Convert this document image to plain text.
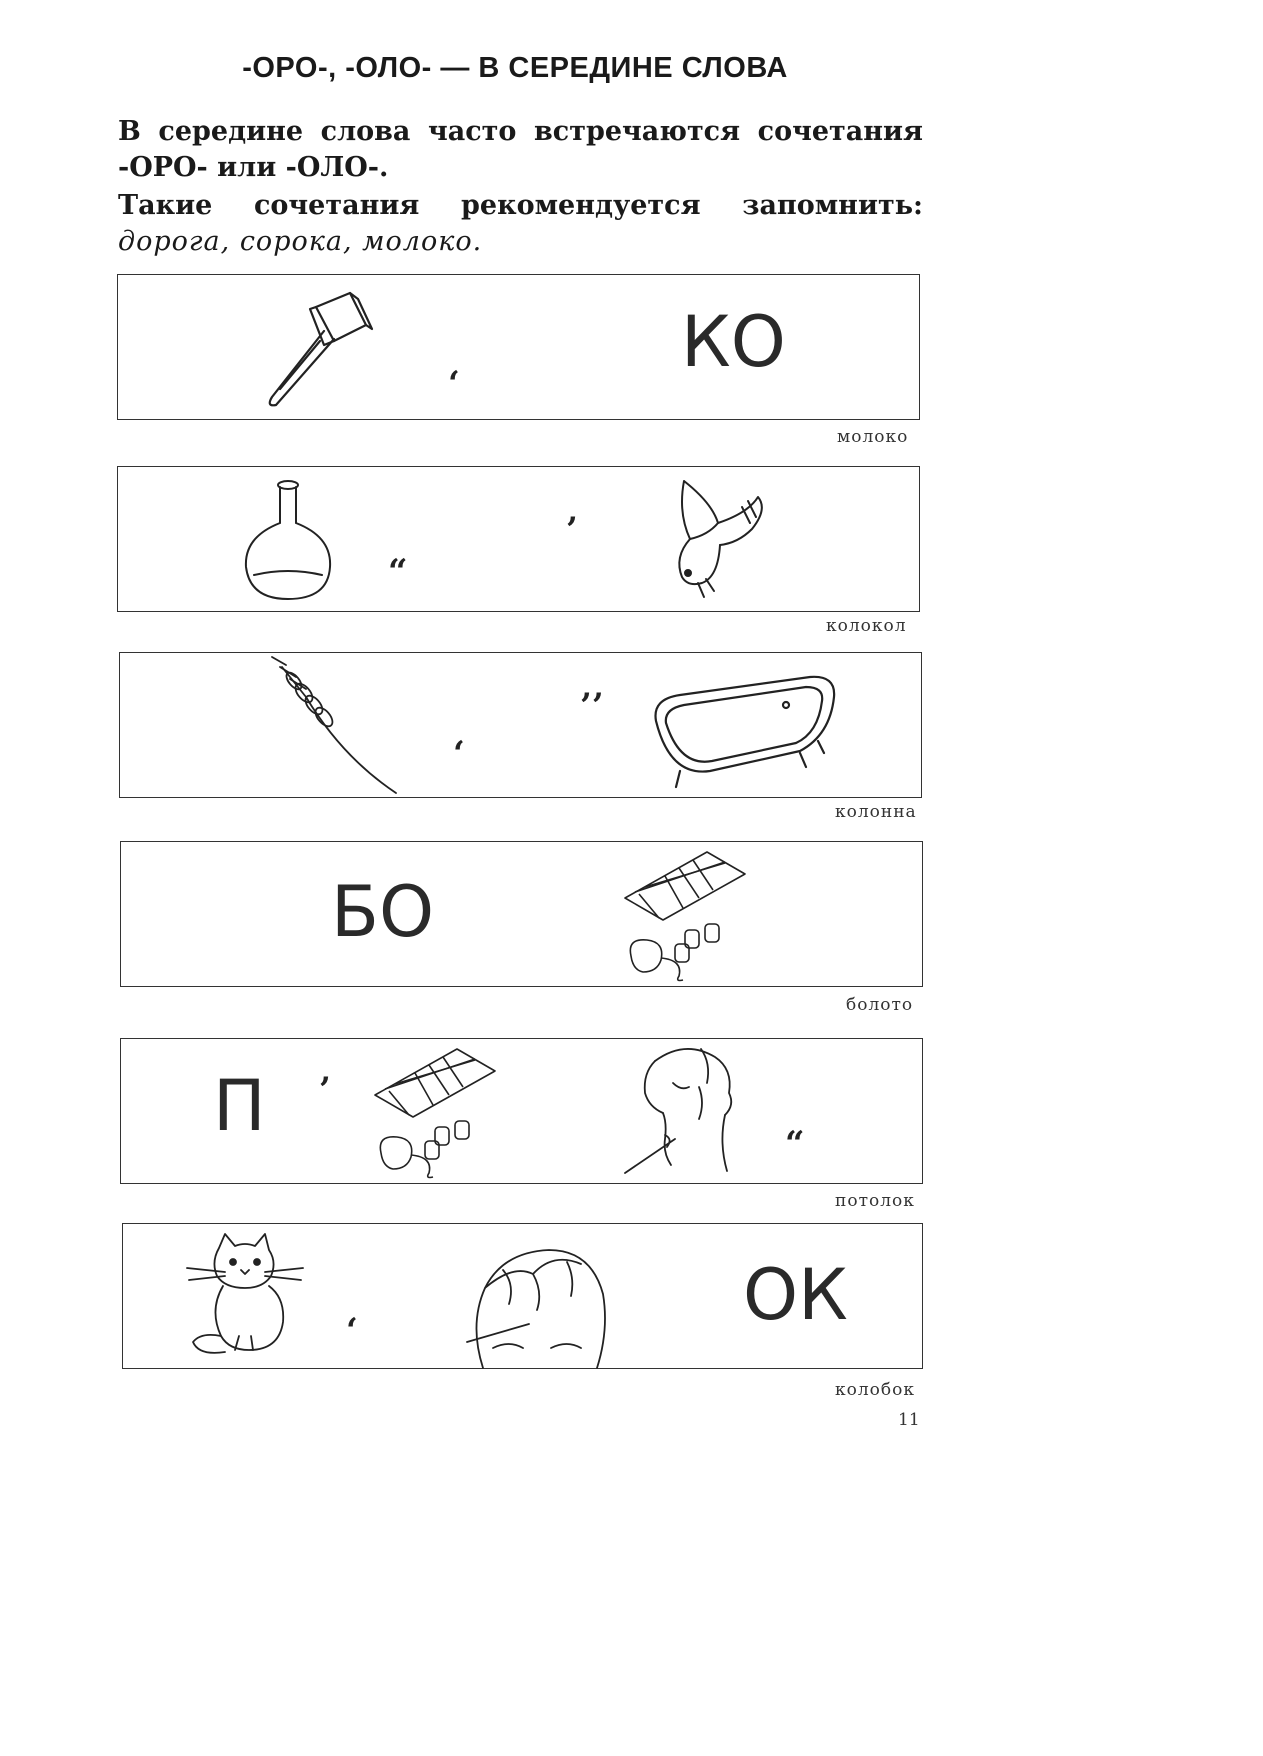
-ОРО-, -ОЛО- — В СЕРЕДИНЕ СЛОВА
В середине слова часто встречаются сочетания
-ОРО- или -ОЛО-.
Такие сочетания рекомендуется запомнить:
дорога, сорока, молоко.
‘
КО
молоко
“
’
колокол
‘
’’
колонна
БО
болото
П ’
“
потолок
‘	ОК
колобок
11
